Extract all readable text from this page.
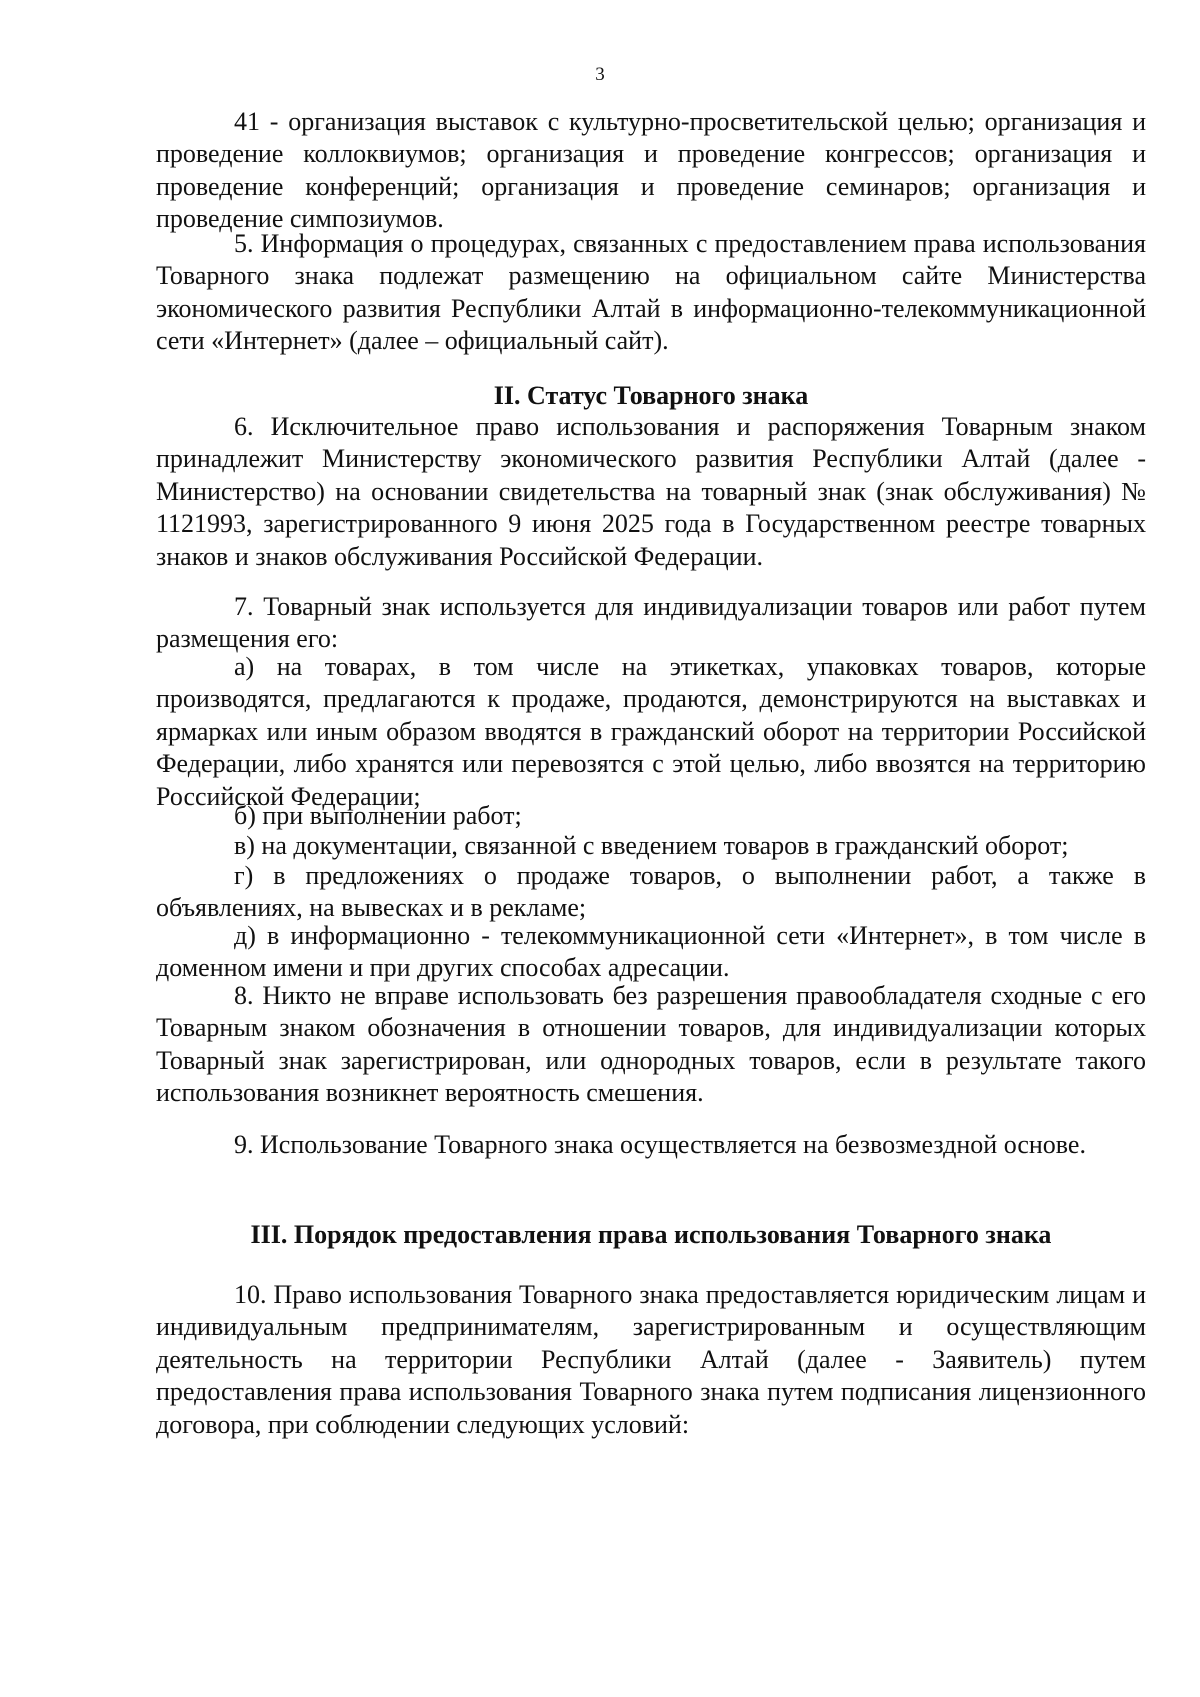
3
41 - организация выставок с культурно-просветительской целью; организация и проведение коллоквиумов; организация и проведение конгрессов; организация и проведение конференций; организация и проведение семинаров; организация и проведение симпозиумов.
5. Информация о процедурах, связанных с предоставлением права использования Товарного знака подлежат размещению на официальном сайте Министерства экономического развития Республики Алтай в информационно-телекоммуникационной сети «Интернет» (далее – официальный сайт).
II. Статус Товарного знака
6. Исключительное право использования и распоряжения Товарным знаком принадлежит Министерству экономического развития Республики Алтай (далее - Министерство) на основании свидетельства на товарный знак (знак обслуживания) № 1121993, зарегистрированного 9 июня 2025 года в Государственном реестре товарных знаков и знаков обслуживания Российской Федерации.
7. Товарный знак используется для индивидуализации товаров или работ путем размещения его:
а) на товарах, в том числе на этикетках, упаковках товаров, которые производятся, предлагаются к продаже, продаются, демонстрируются на выставках и ярмарках или иным образом вводятся в гражданский оборот на территории Российской Федерации, либо хранятся или перевозятся с этой целью, либо ввозятся на территорию Российской Федерации;
б) при выполнении работ;
в) на документации, связанной с введением товаров в гражданский оборот;
г) в предложениях о продаже товаров, о выполнении работ, а также в объявлениях, на вывесках и в рекламе;
д) в информационно - телекоммуникационной сети «Интернет», в том числе в доменном имени и при других способах адресации.
8. Никто не вправе использовать без разрешения правообладателя сходные с его Товарным знаком обозначения в отношении товаров, для индивидуализации которых Товарный знак зарегистрирован, или однородных товаров, если в результате такого использования возникнет вероятность смешения.
9. Использование Товарного знака осуществляется на безвозмездной основе.
III. Порядок предоставления права использования Товарного знака
10. Право использования Товарного знака предоставляется юридическим лицам и индивидуальным предпринимателям, зарегистрированным и осуществляющим деятельность на территории Республики Алтай (далее - Заявитель) путем предоставления права использования Товарного знака путем подписания лицензионного договора, при соблюдении следующих условий:
